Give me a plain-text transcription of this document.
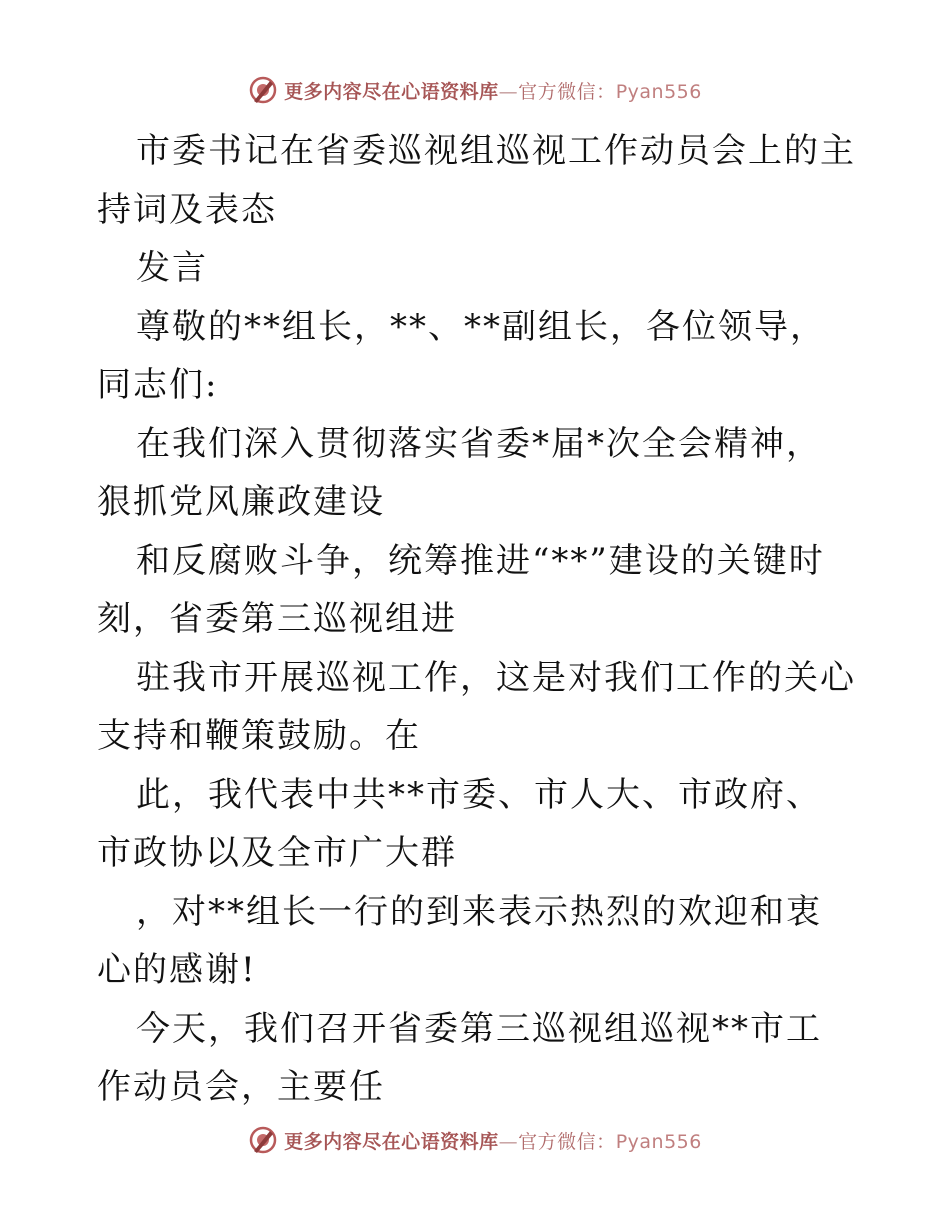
更多内容尽在心语资料库—官方微信：Pyan556

市委书记在省委巡视组巡视工作动员会上的主持词及表态

发言

尊敬的**组长，**、**副组长，各位领导，同志们:

在我们深入贯彻落实省委*届*次全会精神，狠抓党风廉政建设

和反腐败斗争，统筹推进“**”建设的关键时刻，省委第三巡视组进

驻我市开展巡视工作，这是对我们工作的关心支持和鞭策鼓励。在

此，我代表中共**市委、市人大、市政府、市政协以及全市广大群

，对**组长一行的到来表示热烈的欢迎和衷心的感谢!

今天，我们召开省委第三巡视组巡视**市工作动员会，主要任

更多内容尽在心语资料库—官方微信：Pyan556
